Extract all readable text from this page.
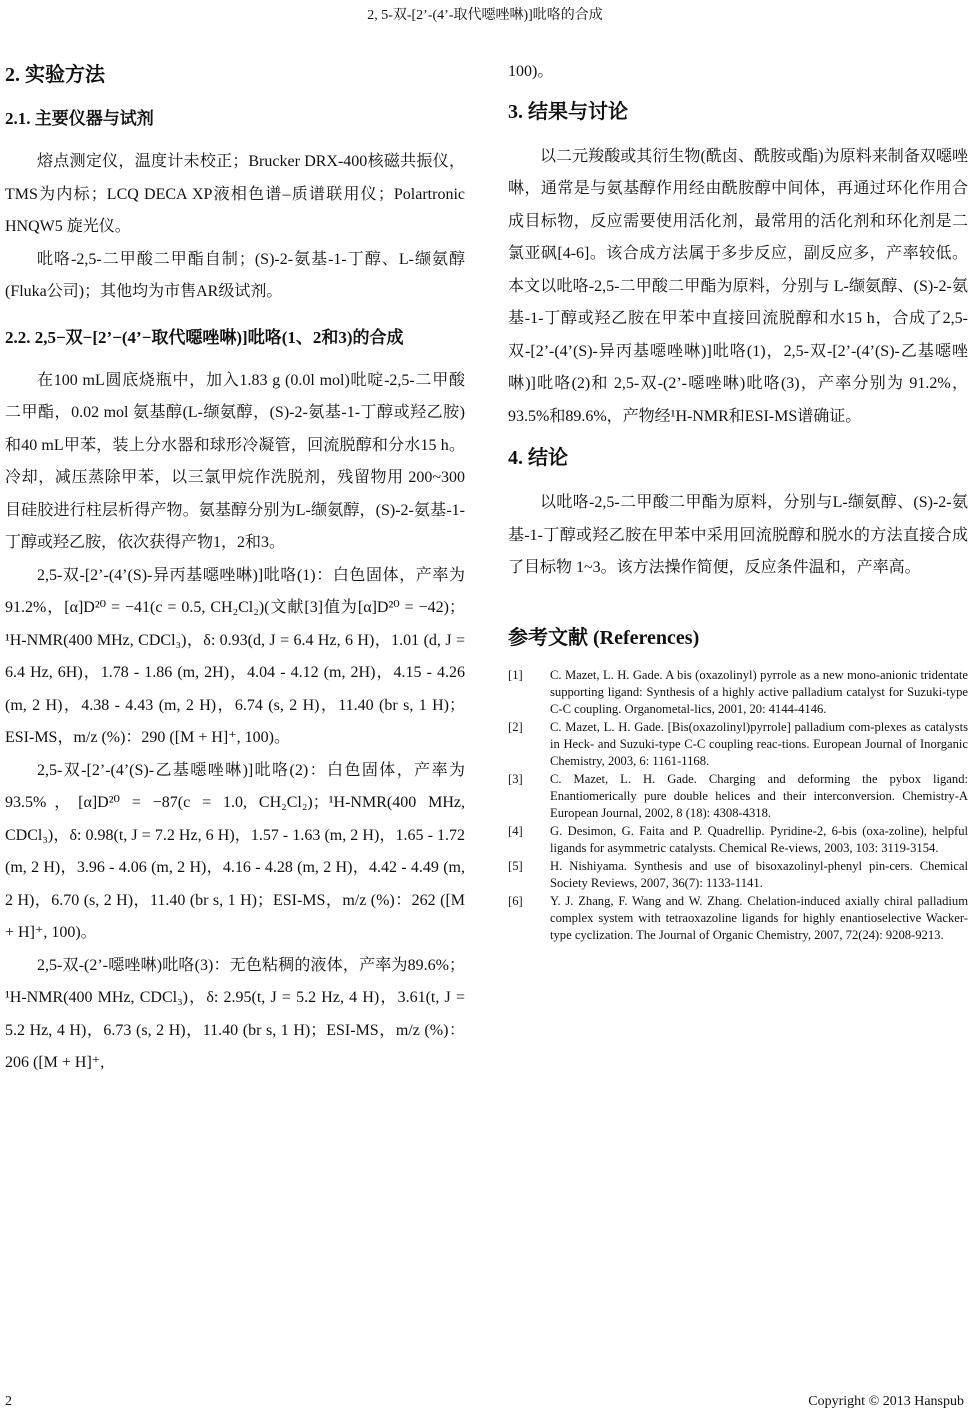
2, 5-双-[2’-(4’-取代噁唑啉)]吡咯的合成
2. 实验方法
2.1. 主要仪器与试剂

熔点测定仪，温度计未校正；Brucker DRX-400核磁共振仪，TMS为内标；LCQ DECA XP液相色谱–质谱联用仪；Polartronic HNQW5 旋光仪。

吡咯-2,5-二甲酸二甲酯自制；(S)-2-氨基-1-丁醇、L-缬氨醇(Fluka公司)；其他均为市售AR级试剂。

2.2. 2,5−双−[2’−(4’−取代噁唑啉)]吡咯(1、2和3)的合成

在100 mL圆底烧瓶中，加入1.83 g (0.0l mol)吡啶-2,5-二甲酸二甲酯，0.02 mol 氨基醇(L-缬氨醇，(S)-2-氨基-1-丁醇或羟乙胺)和40 mL甲苯，装上分水器和球形冷凝管，回流脱醇和分水15 h。冷却，减压蒸除甲苯，以三氯甲烷作洗脱剂，残留物用 200~300目硅胶进行柱层析得产物。氨基醇分别为L-缬氨醇，(S)-2-氨基-1-丁醇或羟乙胺，依次获得产物1，2和3。

2,5-双-[2’-(4’(S)-异丙基噁唑啉)]吡咯(1)：白色固体，产率为91.2%，[α]D²⁰ = −41(c = 0.5, CH₂Cl₂)(文献[3]值为[α]D²⁰ = −42)；¹H-NMR(400 MHz, CDCl₃)，δ: 0.93(d, J = 6.4 Hz, 6 H)，1.01 (d, J = 6.4 Hz, 6H)，1.78 - 1.86 (m, 2H)，4.04 - 4.12 (m, 2H)，4.15 - 4.26 (m, 2 H)，4.38 - 4.43 (m, 2 H)，6.74 (s, 2 H)，11.40 (br s, 1 H)；ESI-MS，m/z (%)：290 ([M + H]⁺, 100)。

2,5-双-[2’-(4’(S)-乙基噁唑啉)]吡咯(2)：白色固体，产率为 93.5%，[α]D²⁰ = −87(c = 1.0, CH₂Cl₂)；¹H-NMR(400 MHz, CDCl₃)，δ: 0.98(t, J = 7.2 Hz, 6 H)，1.57 - 1.63 (m, 2 H)，1.65 - 1.72 (m, 2 H)，3.96 - 4.06 (m, 2 H)，4.16 - 4.28 (m, 2 H)，4.42 - 4.49 (m, 2 H)，6.70 (s, 2 H)，11.40 (br s, 1 H)；ESI-MS，m/z (%)：262 ([M + H]⁺, 100)。

2,5-双-(2’-噁唑啉)吡咯(3)：无色粘稠的液体，产率为89.6%；¹H-NMR(400 MHz, CDCl₃)，δ: 2.95(t, J = 5.2 Hz, 4 H)，3.61(t, J = 5.2 Hz, 4 H)，6.73 (s, 2 H)，11.40 (br s, 1 H)；ESI-MS，m/z (%)：206 ([M + H]⁺,

100)。

3. 结果与讨论

以二元羧酸或其衍生物(酰卤、酰胺或酯)为原料来制备双噁唑啉，通常是与氨基醇作用经由酰胺醇中间体，再通过环化作用合成目标物，反应需要使用活化剂，最常用的活化剂和环化剂是二氯亚砜[4-6]。该合成方法属于多步反应，副反应多，产率较低。本文以吡咯-2,5-二甲酸二甲酯为原料，分别与 L-缬氨醇、(S)-2-氨基-1-丁醇或羟乙胺在甲苯中直接回流脱醇和水15 h，合成了2,5-双-[2’-(4’(S)-异丙基噁唑啉)]吡咯(1)，2,5-双-[2’-(4’(S)-乙基噁唑啉)]吡咯(2)和 2,5-双-(2’-噁唑啉)吡咯(3)，产率分别为 91.2%，93.5%和89.6%，产物经¹H-NMR和ESI-MS谱确证。

4. 结论

以吡咯-2,5-二甲酸二甲酯为原料，分别与L-缬氨醇、(S)-2-氨基-1-丁醇或羟乙胺在甲苯中采用回流脱醇和脱水的方法直接合成了目标物 1~3。该方法操作简便，反应条件温和，产率高。

参考文献 (References)
[1]	C. Mazet, L. H. Gade. A bis (oxazolinyl) pyrrole as a new mono-anionic tridentate supporting ligand: Synthesis of a highly active palladium catalyst for Suzuki-type C-C coupling. Organometal-lics, 2001, 20: 4144-4146.
[2]	C. Mazet, L. H. Gade. [Bis(oxazolinyl)pyrrole] palladium com-plexes as catalysts in Heck- and Suzuki-type C-C coupling reac-tions. European Journal of Inorganic Chemistry, 2003, 6: 1161-1168.
[3]	C. Mazet, L. H. Gade. Charging and deforming the pybox ligand: Enantiomerically pure double helices and their interconversion. Chemistry-A European Journal, 2002, 8 (18): 4308-4318.
[4]	G. Desimon, G. Faita and P. Quadrellip. Pyridine-2, 6-bis (oxa-zoline), helpful ligands for asymmetric catalysts. Chemical Re-views, 2003, 103: 3119-3154.
[5]	H. Nishiyama. Synthesis and use of bisoxazolinyl-phenyl pin-cers. Chemical Society Reviews, 2007, 36(7): 1133-1141.
[6]	Y. J. Zhang, F. Wang and W. Zhang. Chelation-induced axially chiral palladium complex system with tetraoxazoline ligands for highly enantioselective Wacker-type cyclization. The Journal of Organic Chemistry, 2007, 72(24): 9208-9213.
2	Copyright © 2013 Hanspub
